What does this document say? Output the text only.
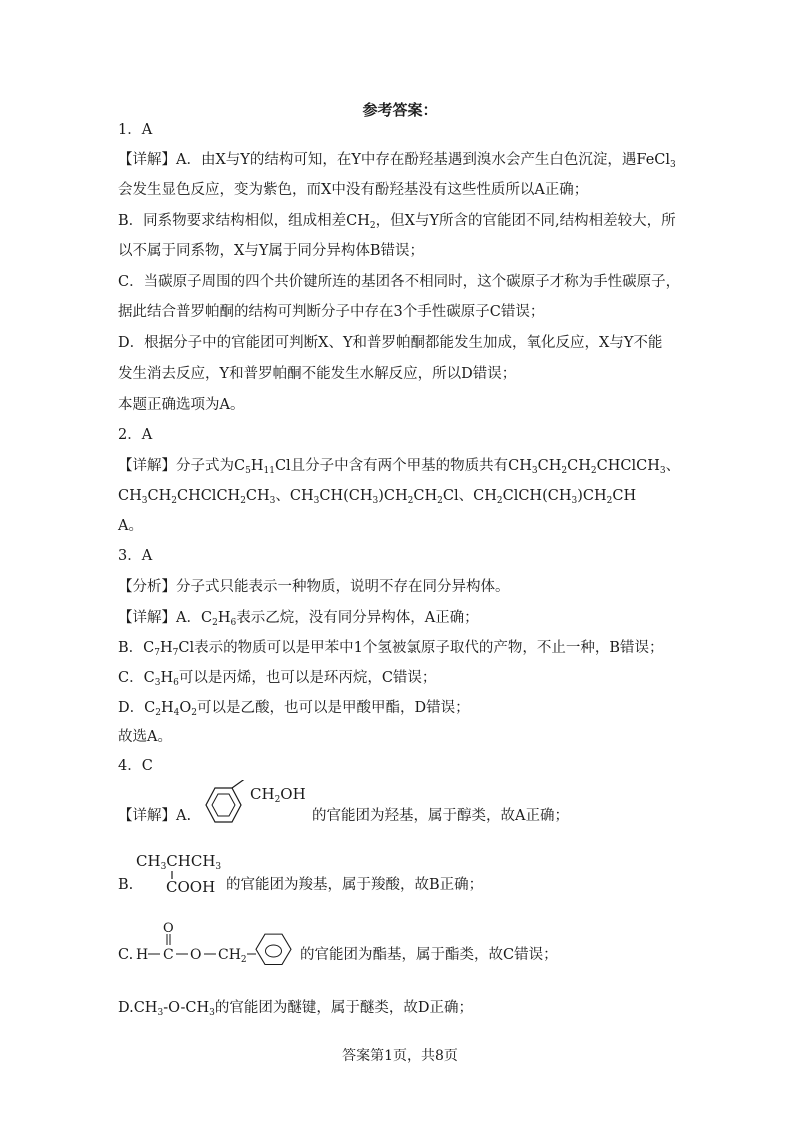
参考答案：
1．A
【详解】A．由X与Y的结构可知，在Y中存在酚羟基遇到溴水会产生白色沉淀，遇FeCl$_3$
会发生显色反应，变为紫色，而X中没有酚羟基没有这些性质所以A正确；
B．同系物要求结构相似，组成相差$CH_2$，但X与Y所含的官能团不同,结构相差较大，所
以不属于同系物，X与Y属于同分异构体B错误；
C．当碳原子周围的四个共价键所连的基团各不相同时，这个碳原子才称为手性碳原子，
据此结合普罗帕酮的结构可判断分子中存在3个手性碳原子C错误；
D．根据分子中的官能团可判断X、Y和普罗帕酮都能发生加成，氧化反应，X与Y不能
发生消去反应，Y和普罗帕酮不能发生水解反应，所以D错误；
本题正确选项为A。
2．A
【详解】分子式为$C_5H_{11}Cl$且分子中含有两个甲基的物质共有$CH_3CH_2CH_2CHClCH_3$、
$CH_3CH_2CHClCH_2CH_3$、$CH_3CH(CH_3)CH_2CH_2Cl$、$CH_2ClCH(CH_3)CH_2CH$
A。
3．A
【分析】分子式只能表示一种物质，说明不存在同分异构体。
【详解】A．$C_2H_6$表示乙烷，没有同分异构体，A正确；
B．$C_7H_7Cl$表示的物质可以是甲苯中1个氢被氯原子取代的产物，不止一种，B错误；
C．$C_3H_6$可以是丙烯，也可以是环丙烷，C错误；
D．$C_2H_4O_2$可以是乙酸，也可以是甲酸甲酯，D错误；
故选A。
4．C
【详解】A.
$CH_2OH$
的官能团为羟基，属于醇类，故A正确；
$CH_3CHCH_3$
COOH
B.	的官能团为羧基，属于羧酸，故B正确；
C. H C
O
O $CH_2$	的官能团为酯基，属于酯类，故C错误；
$D.CH_3-O-CH_3$的官能团为醚键，属于醚类，故D正确；
答案第1页，共8页
